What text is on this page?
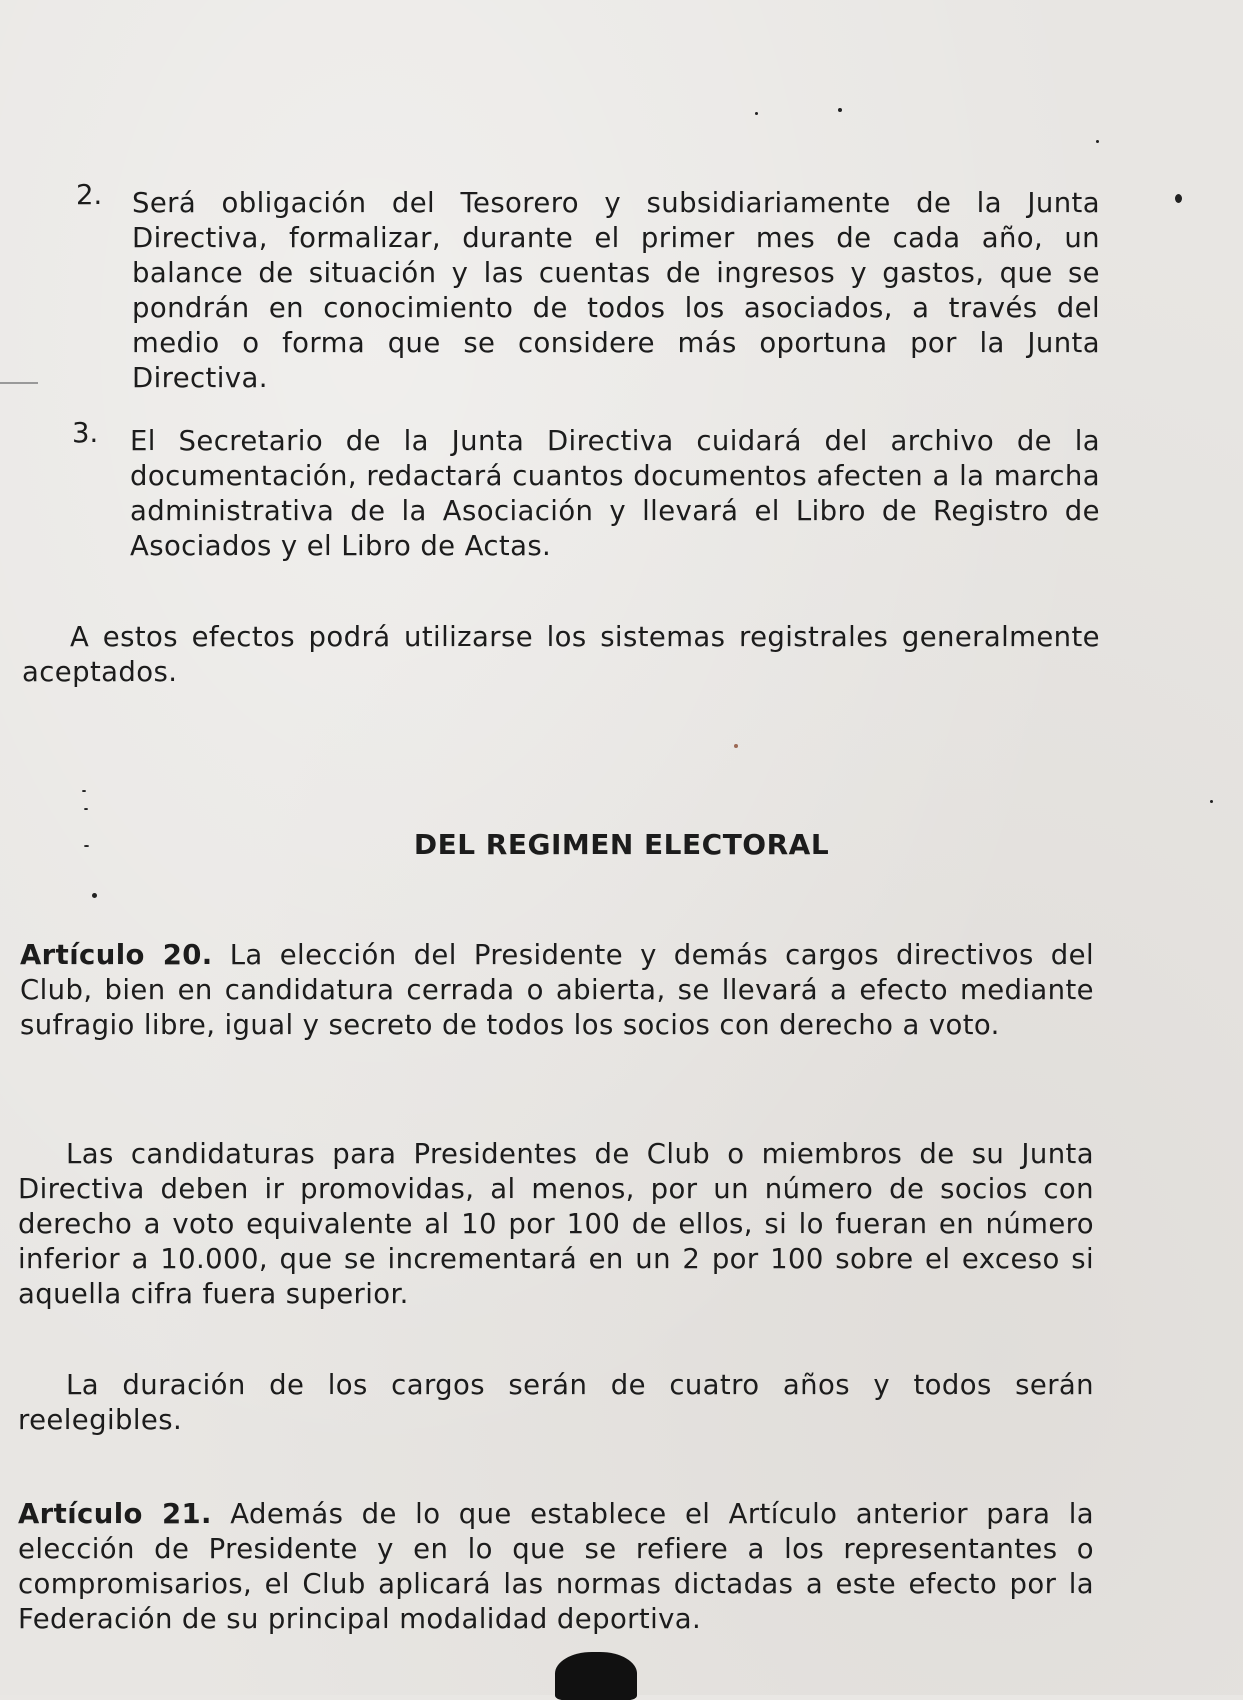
2. Será obligación del Tesorero y subsidiariamente de la Junta Directiva, formalizar, durante el primer mes de cada año, un balance de situación y las cuentas de ingresos y gastos, que se pondrán en conocimiento de todos los asociados, a través del medio o forma que se considere más oportuna por la Junta Directiva.
3. El Secretario de la Junta Directiva cuidará del archivo de la documentación, redactará cuantos documentos afecten a la marcha administrativa de la Asociación y llevará el Libro de Registro de Asociados y el Libro de Actas.
A estos efectos podrá utilizarse los sistemas registrales generalmente aceptados.
DEL REGIMEN ELECTORAL
Artículo 20. La elección del Presidente y demás cargos directivos del Club, bien en candidatura cerrada o abierta, se llevará a efecto mediante sufragio libre, igual y secreto de todos los socios con derecho a voto.
Las candidaturas para Presidentes de Club o miembros de su Junta Directiva deben ir promovidas, al menos, por un número de socios con derecho a voto equivalente al 10 por 100 de ellos, si lo fueran en número inferior a 10.000, que se incrementará en un 2 por 100 sobre el exceso si aquella cifra fuera superior.
La duración de los cargos serán de cuatro años y todos serán reelegibles.
Artículo 21. Además de lo que establece el Artículo anterior para la elección de Presidente y en lo que se refiere a los representantes o compromisarios, el Club aplicará las normas dictadas a este efecto por la Federación de su principal modalidad deportiva.
